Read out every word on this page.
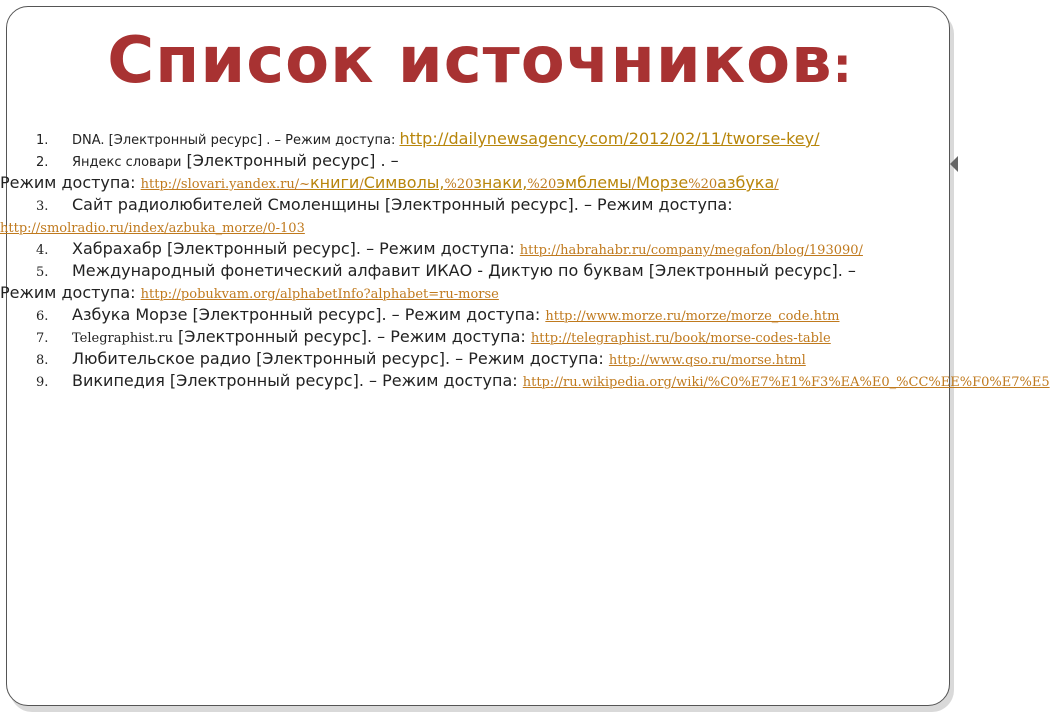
Список источников:
1. DNA. [Электронный ресурс] . – Режим доступа: http://dailynewsagency.com/2012/02/11/tworse-key/
2. Яндекс словари [Электронный ресурс] . –
Режим доступа: http://slovari.yandex.ru/~книги/Символы,%20знаки,%20эмблемы/Морзе%20азбука/
3. Сайт радиолюбителей Смоленщины [Электронный ресурс]. – Режим доступа:
http://smolradio.ru/index/azbuka_morze/0-103
4. Хабрахабр [Электронный ресурс]. – Режим доступа: http://habrahabr.ru/company/megafon/blog/193090/
5. Международный фонетический алфавит ИКАО - Диктую по буквам [Электронный ресурс]. –
Режим доступа: http://pobukvam.org/alphabetInfo?alphabet=ru-morse
6. Азбука Морзе [Электронный ресурс]. – Режим доступа: http://www.morze.ru/morze/morze_code.htm
7. Telegraphist.ru [Электронный ресурс]. – Режим доступа: http://telegraphist.ru/book/morse-codes-table
8. Любительское радио [Электронный ресурс]. – Режим доступа: http://www.qso.ru/morse.html
9. Википедия [Электронный ресурс]. – Режим доступа: http://ru.wikipedia.org/wiki/%C0%E7%E1%F3%EA%E0_%CC%EE%F0%E7%E5
